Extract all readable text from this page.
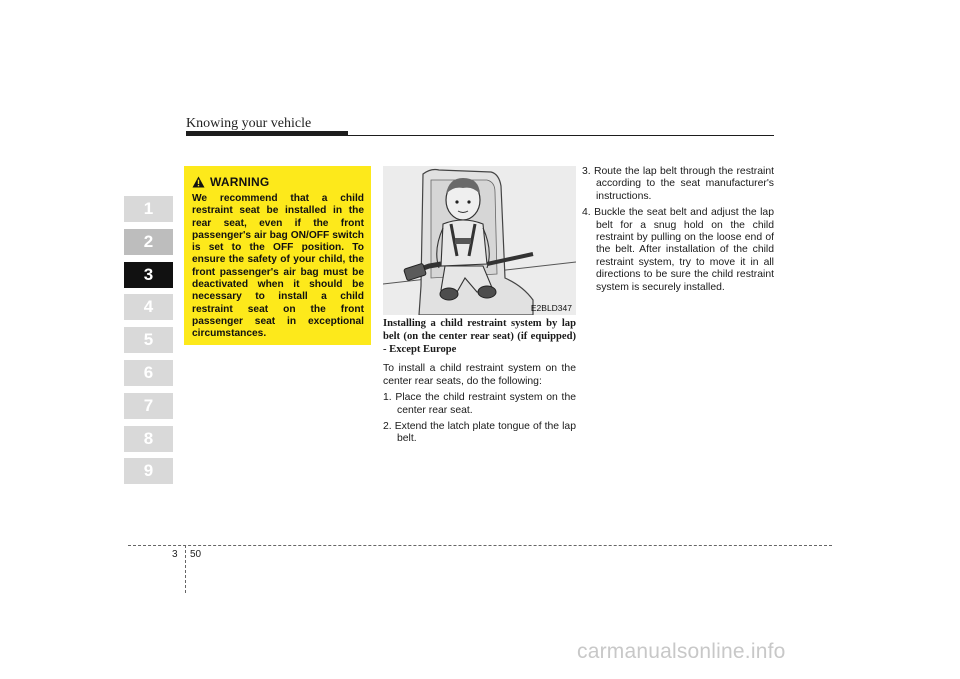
Knowing your vehicle
1
2
3
4
5
6
7
8
9
WARNING

We recommend that a child restraint seat be installed in the rear seat, even if the front passenger's air bag ON/OFF switch is set to the OFF position. To ensure the safety of your child, the front passenger's air bag must be deactivated when it should be necessary to install a child restraint seat on the front passenger seat in exceptional circumstances.

E2BLD347

Installing a child restraint system by lap belt (on the center rear seat) (if equipped) - Except Europe

To install a child restraint system on the center rear seats, do the following:

1. Place the child restraint system on the center rear seat.

2. Extend the latch plate tongue of the lap belt.

3. Route the lap belt through the restraint according to the seat manufacturer's instructions.

4. Buckle the seat belt and adjust the lap belt for a snug hold on the child restraint by pulling on the loose end of the belt. After installation of the child restraint system, try to move it in all directions to be sure the child restraint system is securely installed.

3 50
carmanualsonline.info
